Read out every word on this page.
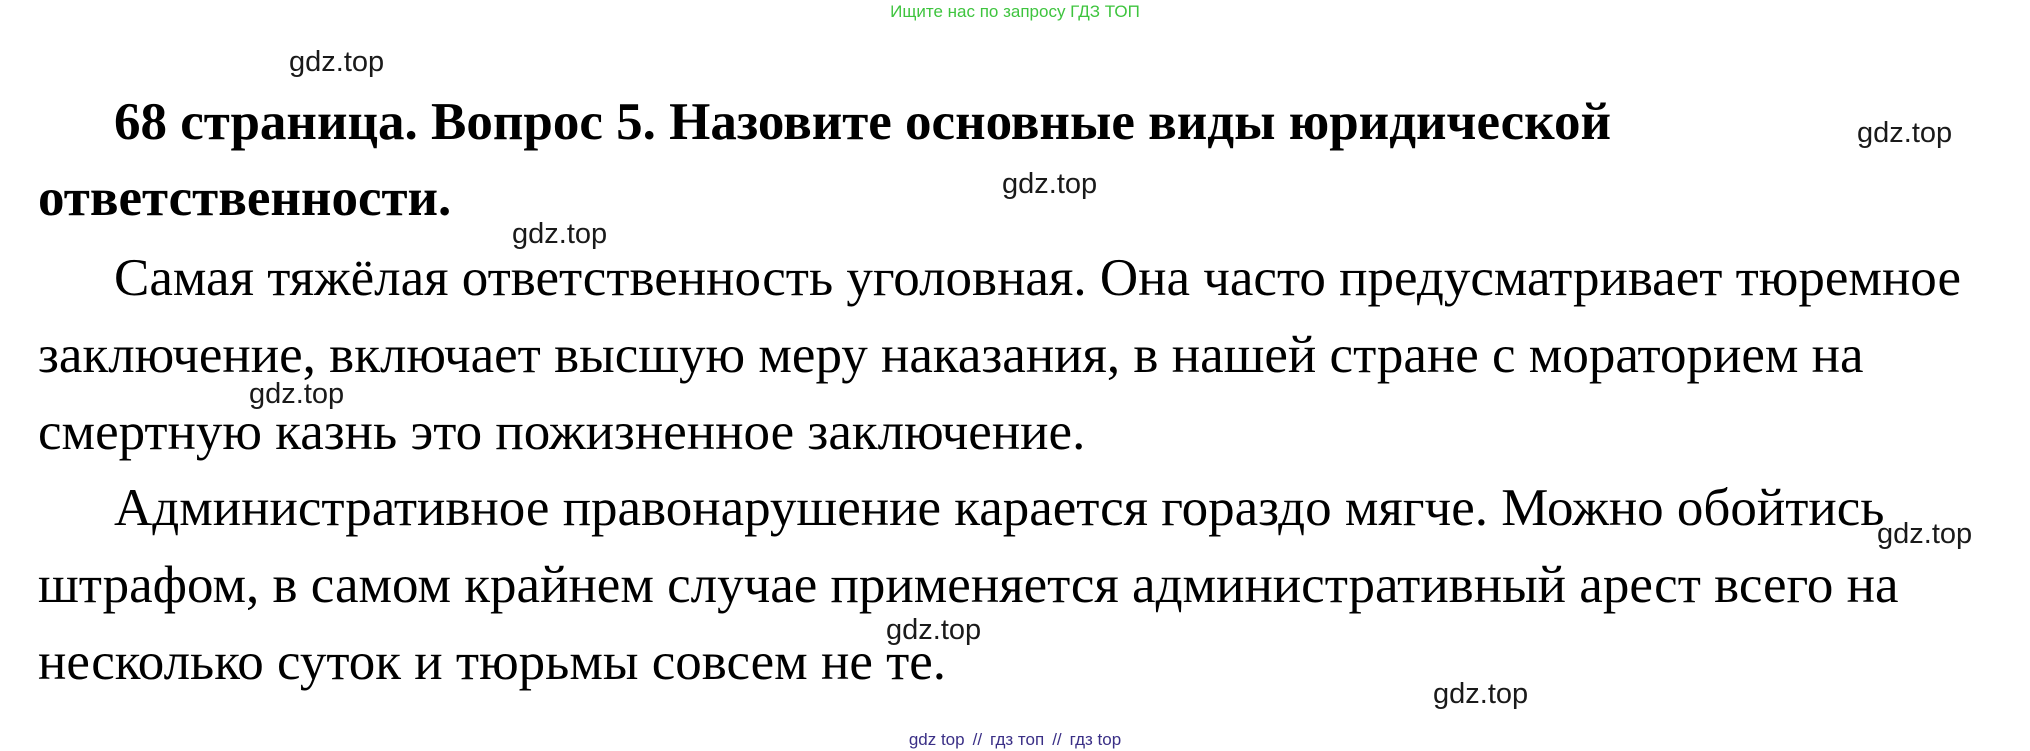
Ищите нас по запросу ГДЗ ТОП
68 страница. Вопрос 5. Назовите основные виды юридической ответственности.

Самая тяжёлая ответственность уголовная. Она часто предусматривает тюремное заключение, включает высшую меру наказания, в нашей стране с мораторием на смертную казнь это пожизненное заключение.

Административное правонарушение карается гораздо мягче. Можно обойтись штрафом, в самом крайнем случае применяется административный арест всего на несколько суток и тюрьмы совсем не те.

gdz.top
gdz.top
gdz.top
gdz.top
gdz.top
gdz.top
gdz.top
gdz.top
gdz top // гдз топ // гдз top
